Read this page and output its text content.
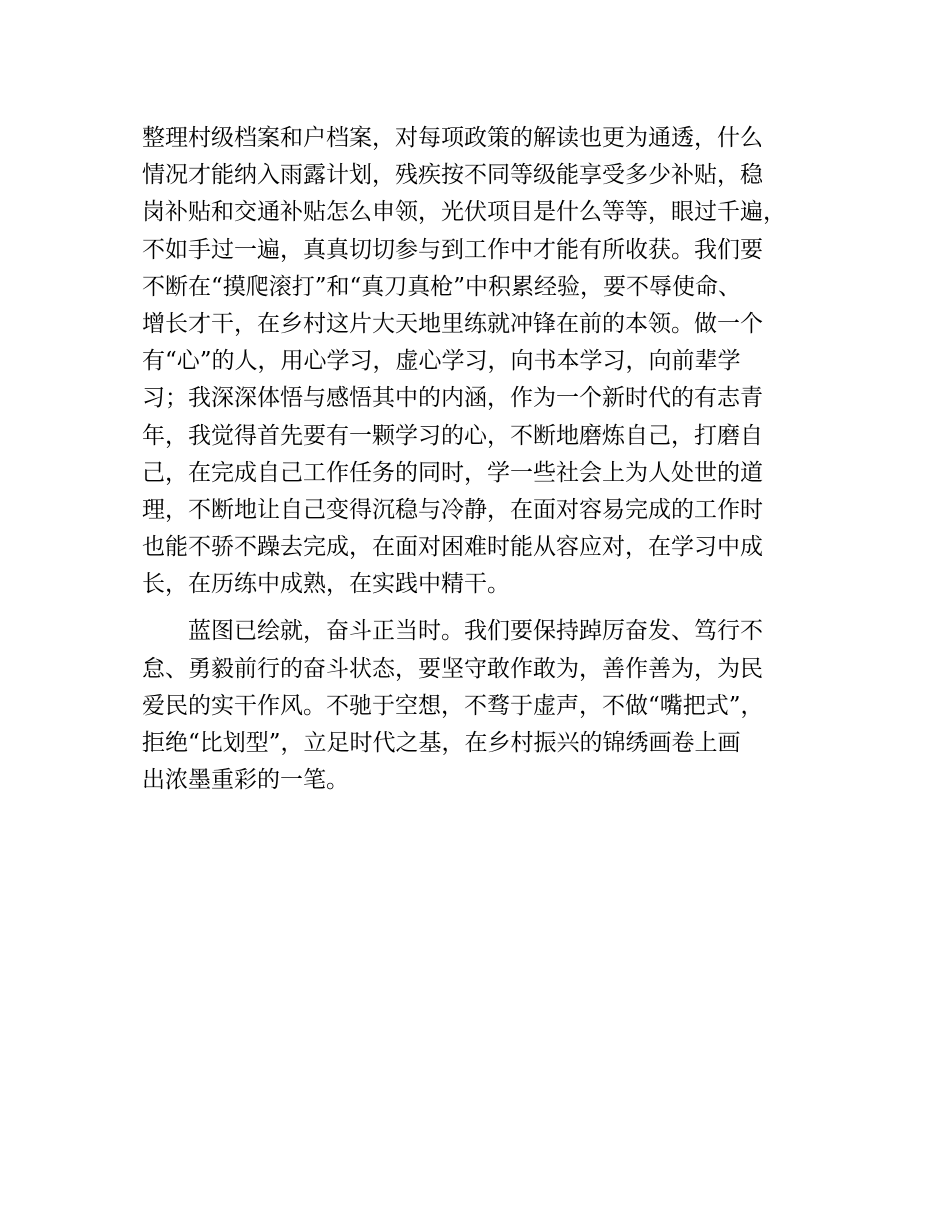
整理村级档案和户档案，对每项政策的解读也更为通透，什么
情况才能纳入雨露计划，残疾按不同等级能享受多少补贴，稳
岗补贴和交通补贴怎么申领，光伏项目是什么等等，眼过千遍，
不如手过一遍，真真切切参与到工作中才能有所收获。我们要
不断在“摸爬滚打”和“真刀真枪”中积累经验，要不辱使命、
增长才干，在乡村这片大天地里练就冲锋在前的本领。做一个
有“心”的人，用心学习，虚心学习，向书本学习，向前辈学
习；我深深体悟与感悟其中的内涵，作为一个新时代的有志青
年，我觉得首先要有一颗学习的心，不断地磨炼自己，打磨自
己，在完成自己工作任务的同时，学一些社会上为人处世的道
理，不断地让自己变得沉稳与冷静，在面对容易完成的工作时
也能不骄不躁去完成，在面对困难时能从容应对，在学习中成
长，在历练中成熟，在实践中精干。
　　蓝图已绘就，奋斗正当时。我们要保持踔厉奋发、笃行不
怠、勇毅前行的奋斗状态，要坚守敢作敢为，善作善为，为民
爱民的实干作风。不驰于空想，不骛于虚声，不做“嘴把式”，
拒绝“比划型”，立足时代之基，在乡村振兴的锦绣画卷上画
出浓墨重彩的一笔。
